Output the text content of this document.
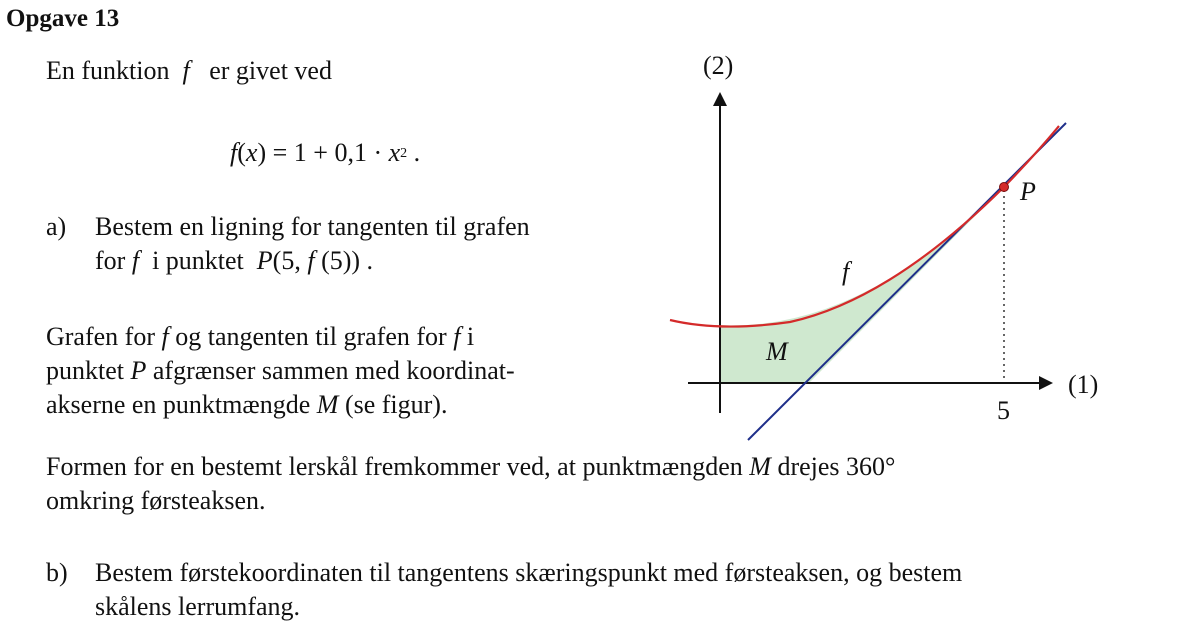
Opgave 13
En funktion f er givet ved
$f(x) = 1 + 0,1 \cdot x^2$ .
a) Bestem en ligning for tangenten til grafen
for f  i punktet  P(5, f (5)) .
Grafen for f og tangenten til grafen for f i
punktet P afgrænser sammen med koordinat-
akserne en punktmængde M (se figur).
Formen for en bestemt lerskål fremkommer ved, at punktmængden M drejes 360°
omkring førsteaksen.
b) Bestem førstekoordinaten til tangentens skæringspunkt med førsteaksen, og bestem
skålens lerrumfang.
(2)
(1)
5
f
M
P
